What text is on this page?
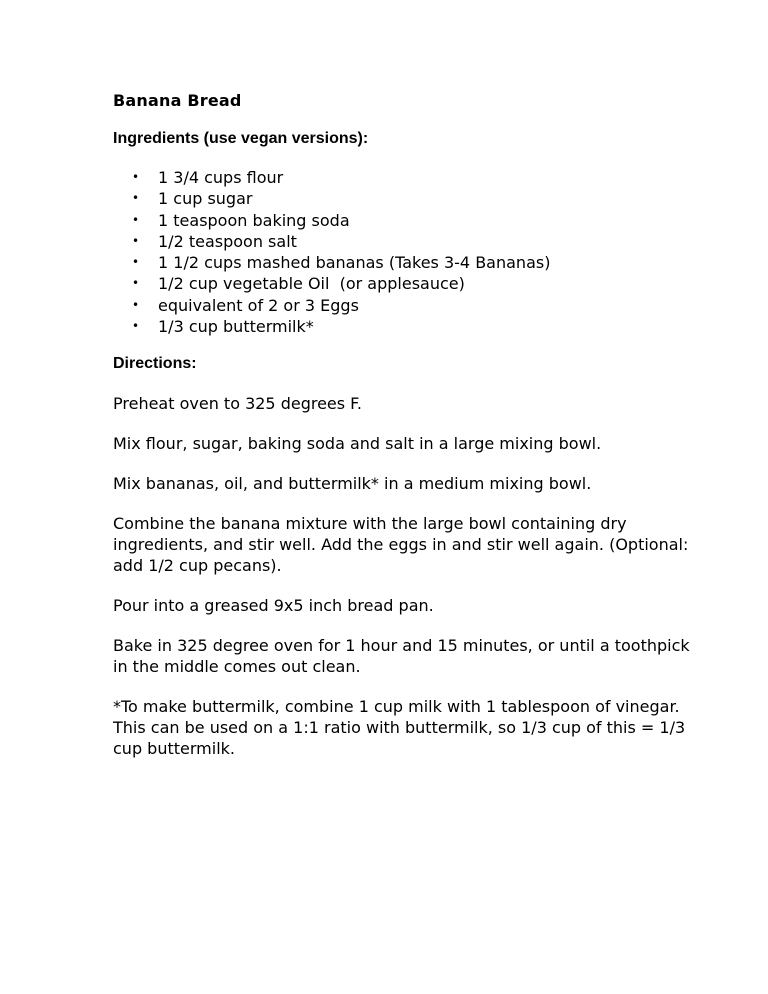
Banana Bread
Ingredients (use vegan versions):
• 1 3/4 cups flour
• 1 cup sugar
• 1 teaspoon baking soda
• 1/2 teaspoon salt
• 1 1/2 cups mashed bananas (Takes 3-4 Bananas)
• 1/2 cup vegetable Oil  (or applesauce)
• equivalent of 2 or 3 Eggs
• 1/3 cup buttermilk*
Directions:

Preheat oven to 325 degrees F.

Mix flour, sugar, baking soda and salt in a large mixing bowl.

Mix bananas, oil, and buttermilk* in a medium mixing bowl.

Combine the banana mixture with the large bowl containing dry ingredients, and stir well. Add the eggs in and stir well again. (Optional: add 1/2 cup pecans).

Pour into a greased 9x5 inch bread pan.

Bake in 325 degree oven for 1 hour and 15 minutes, or until a toothpick in the middle comes out clean.

*To make buttermilk, combine 1 cup milk with 1 tablespoon of vinegar. This can be used on a 1:1 ratio with buttermilk, so 1/3 cup of this = 1/3 cup buttermilk.
